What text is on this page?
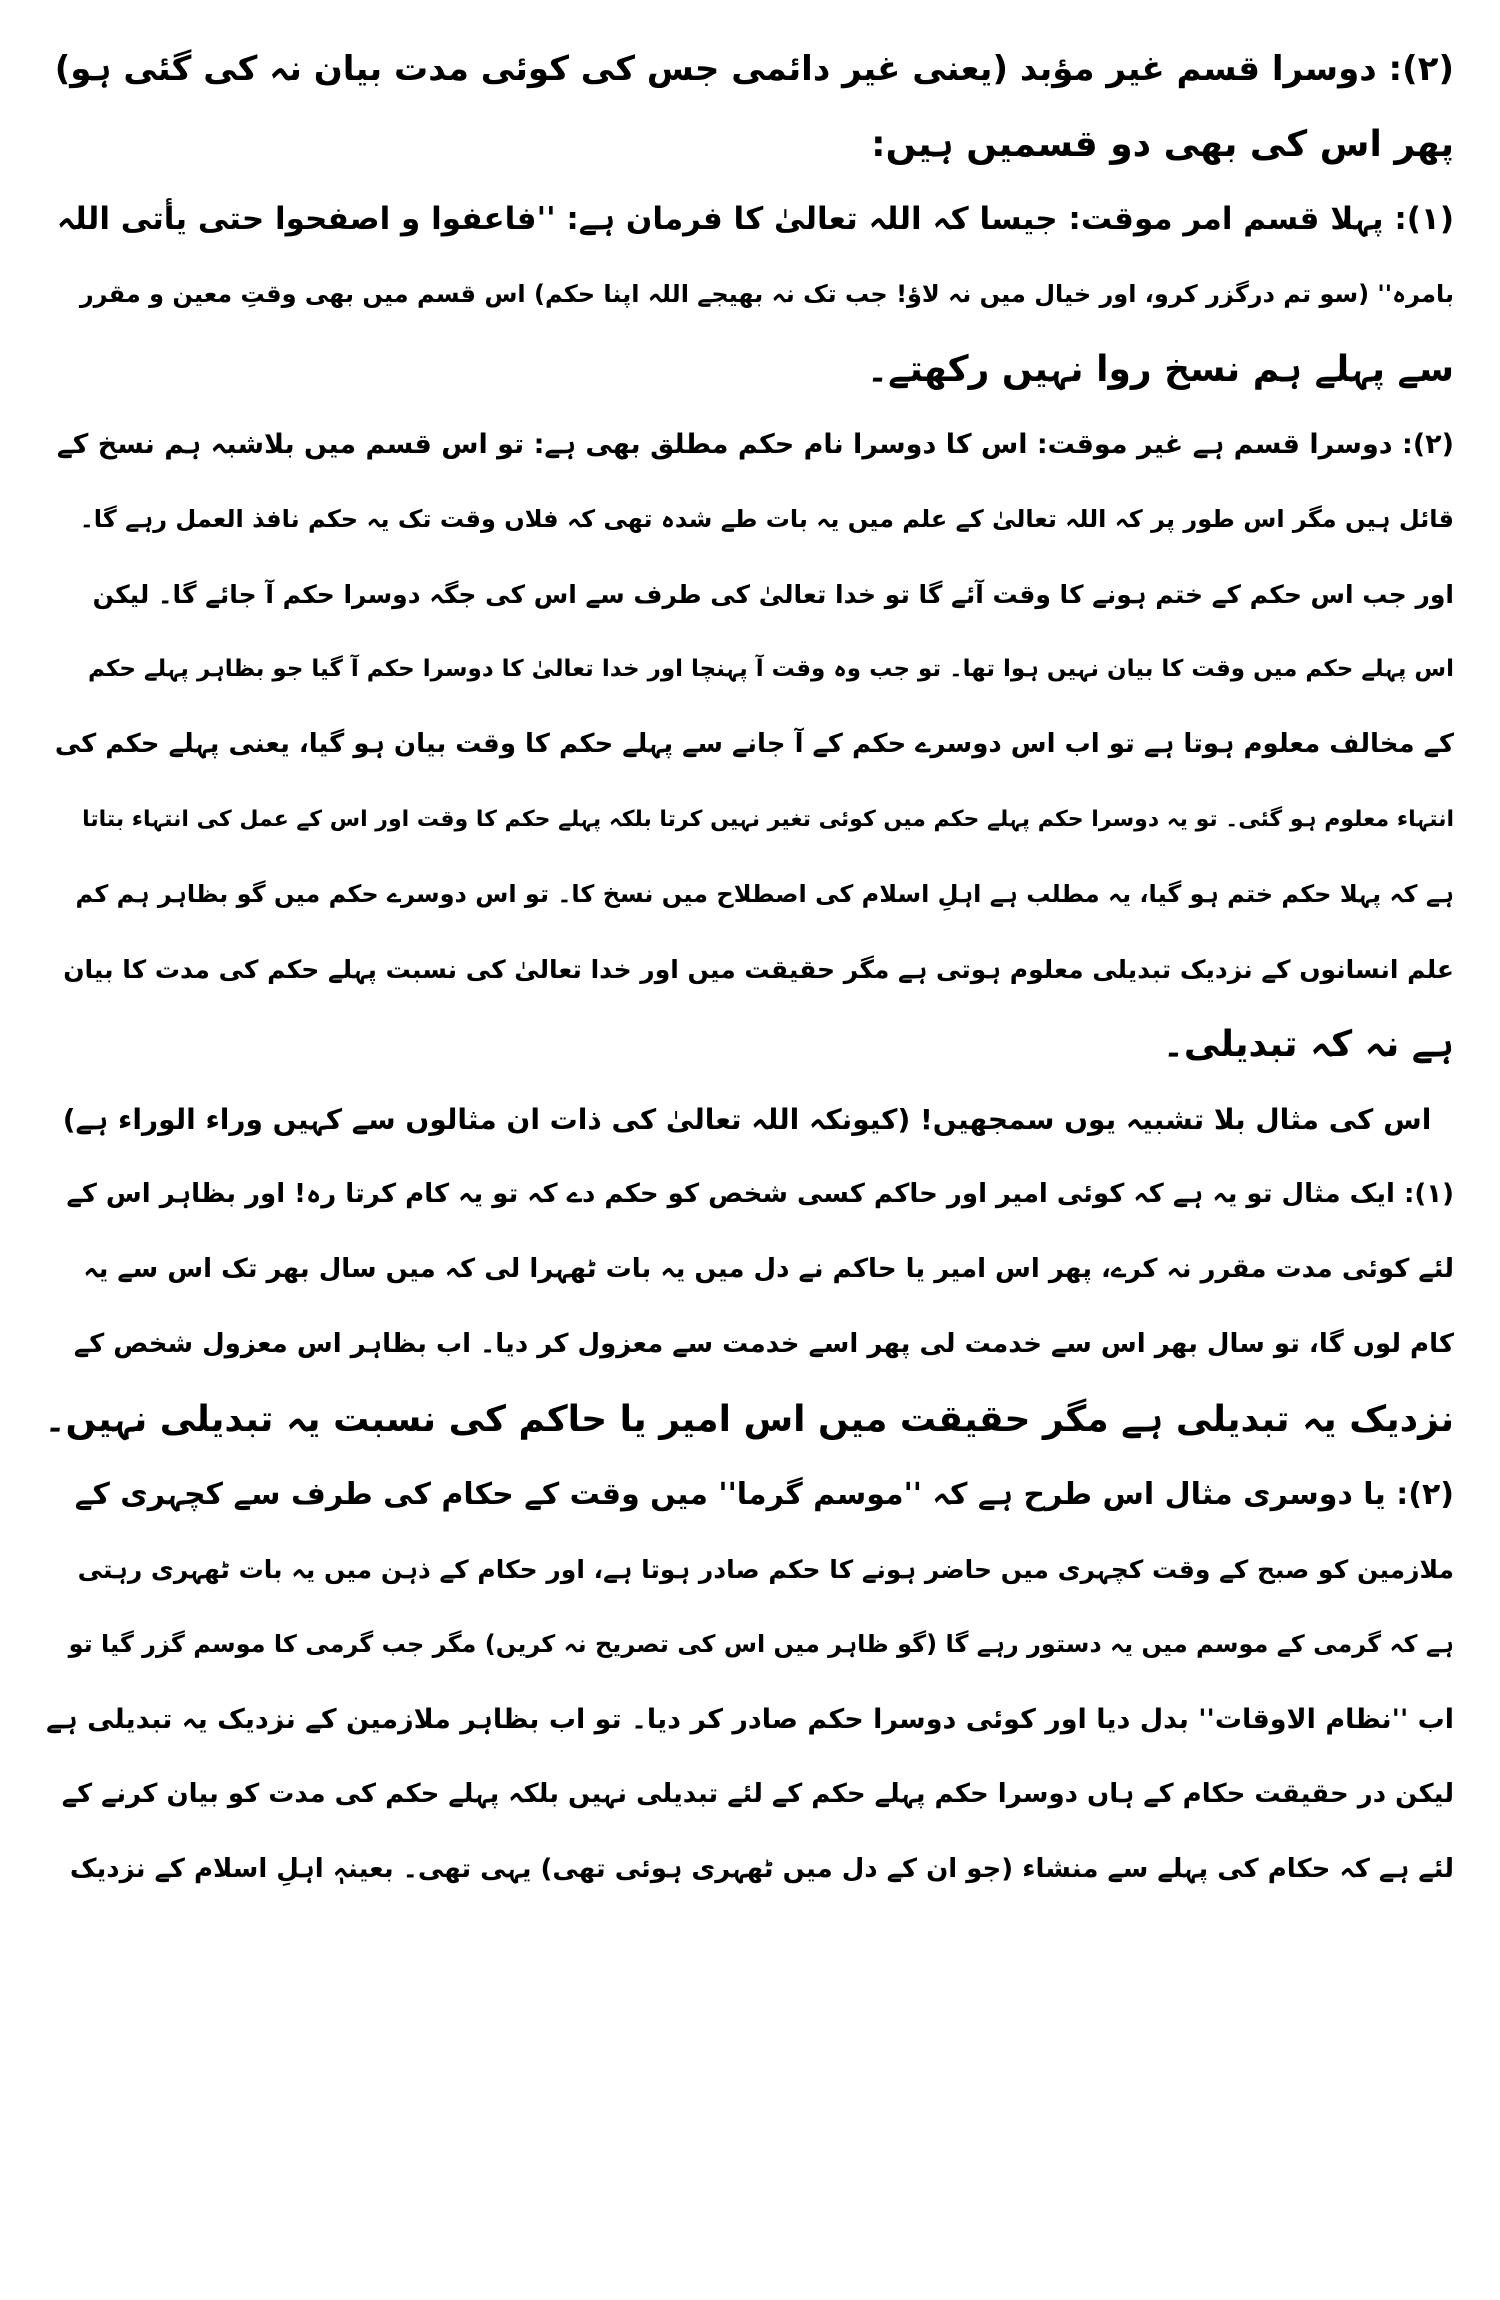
(۲): دوسرا قسم غیر مؤبد (یعنی غیر دائمی جس کی کوئی مدت بیان نہ کی گئی ہو)
پھر اس کی بھی دو قسمیں ہیں:
(۱): پہلا قسم امر موقت: جیسا کہ اللہ تعالیٰ کا فرمان ہے: ''فاعفوا و اصفحوا حتی یأتی اللہ
بامرہ'' (سو تم درگزر کرو، اور خیال میں نہ لاؤ! جب تک نہ بھیجے اللہ اپنا حکم) اس قسم میں بھی وقتِ معین و مقرر
سے پہلے ہم نسخ روا نہیں رکھتے۔
(۲): دوسرا قسم ہے غیر موقت: اس کا دوسرا نام حکم مطلق بھی ہے: تو اس قسم میں بلاشبہ ہم نسخ کے
قائل ہیں مگر اس طور پر کہ اللہ تعالیٰ کے علم میں یہ بات طے شدہ تھی کہ فلاں وقت تک یہ حکم نافذ العمل رہے گا۔
اور جب اس حکم کے ختم ہونے کا وقت آئے گا تو خدا تعالیٰ کی طرف سے اس کی جگہ دوسرا حکم آ جائے گا۔ لیکن
اس پہلے حکم میں وقت کا بیان نہیں ہوا تھا۔ تو جب وہ وقت آ پہنچا اور خدا تعالیٰ کا دوسرا حکم آ گیا جو بظاہر پہلے حکم
کے مخالف معلوم ہوتا ہے تو اب اس دوسرے حکم کے آ جانے سے پہلے حکم کا وقت بیان ہو گیا، یعنی پہلے حکم کی
انتہاء معلوم ہو گئی۔ تو یہ دوسرا حکم پہلے حکم میں کوئی تغیر نہیں کرتا بلکہ پہلے حکم کا وقت اور اس کے عمل کی انتہاء بتاتا
ہے کہ پہلا حکم ختم ہو گیا، یہ مطلب ہے اہلِ اسلام کی اصطلاح میں نسخ کا۔ تو اس دوسرے حکم میں گو بظاہر ہم کم
علم انسانوں کے نزدیک تبدیلی معلوم ہوتی ہے مگر حقیقت میں اور خدا تعالیٰ کی نسبت پہلے حکم کی مدت کا بیان
ہے نہ کہ تبدیلی۔
اس کی مثال بلا تشبیہ یوں سمجھیں! (کیونکہ اللہ تعالیٰ کی ذات ان مثالوں سے کہیں وراء الوراء ہے)
(۱): ایک مثال تو یہ ہے کہ کوئی امیر اور حاکم کسی شخص کو حکم دے کہ تو یہ کام کرتا رہ! اور بظاہر اس کے
لئے کوئی مدت مقرر نہ کرے، پھر اس امیر یا حاکم نے دل میں یہ بات ٹھہرا لی کہ میں سال بھر تک اس سے یہ
کام لوں گا، تو سال بھر اس سے خدمت لی پھر اسے خدمت سے معزول کر دیا۔ اب بظاہر اس معزول شخص کے
نزدیک یہ تبدیلی ہے مگر حقیقت میں اس امیر یا حاکم کی نسبت یہ تبدیلی نہیں۔
(۲): یا دوسری مثال اس طرح ہے کہ ''موسم گرما'' میں وقت کے حکام کی طرف سے کچہری کے
ملازمین کو صبح کے وقت کچہری میں حاضر ہونے کا حکم صادر ہوتا ہے، اور حکام کے ذہن میں یہ بات ٹھہری رہتی
ہے کہ گرمی کے موسم میں یہ دستور رہے گا (گو ظاہر میں اس کی تصریح نہ کریں) مگر جب گرمی کا موسم گزر گیا تو
اب ''نظام الاوقات'' بدل دیا اور کوئی دوسرا حکم صادر کر دیا۔ تو اب بظاہر ملازمین کے نزدیک یہ تبدیلی ہے
لیکن در حقیقت حکام کے ہاں دوسرا حکم پہلے حکم کے لئے تبدیلی نہیں بلکہ پہلے حکم کی مدت کو بیان کرنے کے
لئے ہے کہ حکام کی پہلے سے منشاء (جو ان کے دل میں ٹھہری ہوئی تھی) یہی تھی۔ بعینہٖ اہلِ اسلام کے نزدیک
